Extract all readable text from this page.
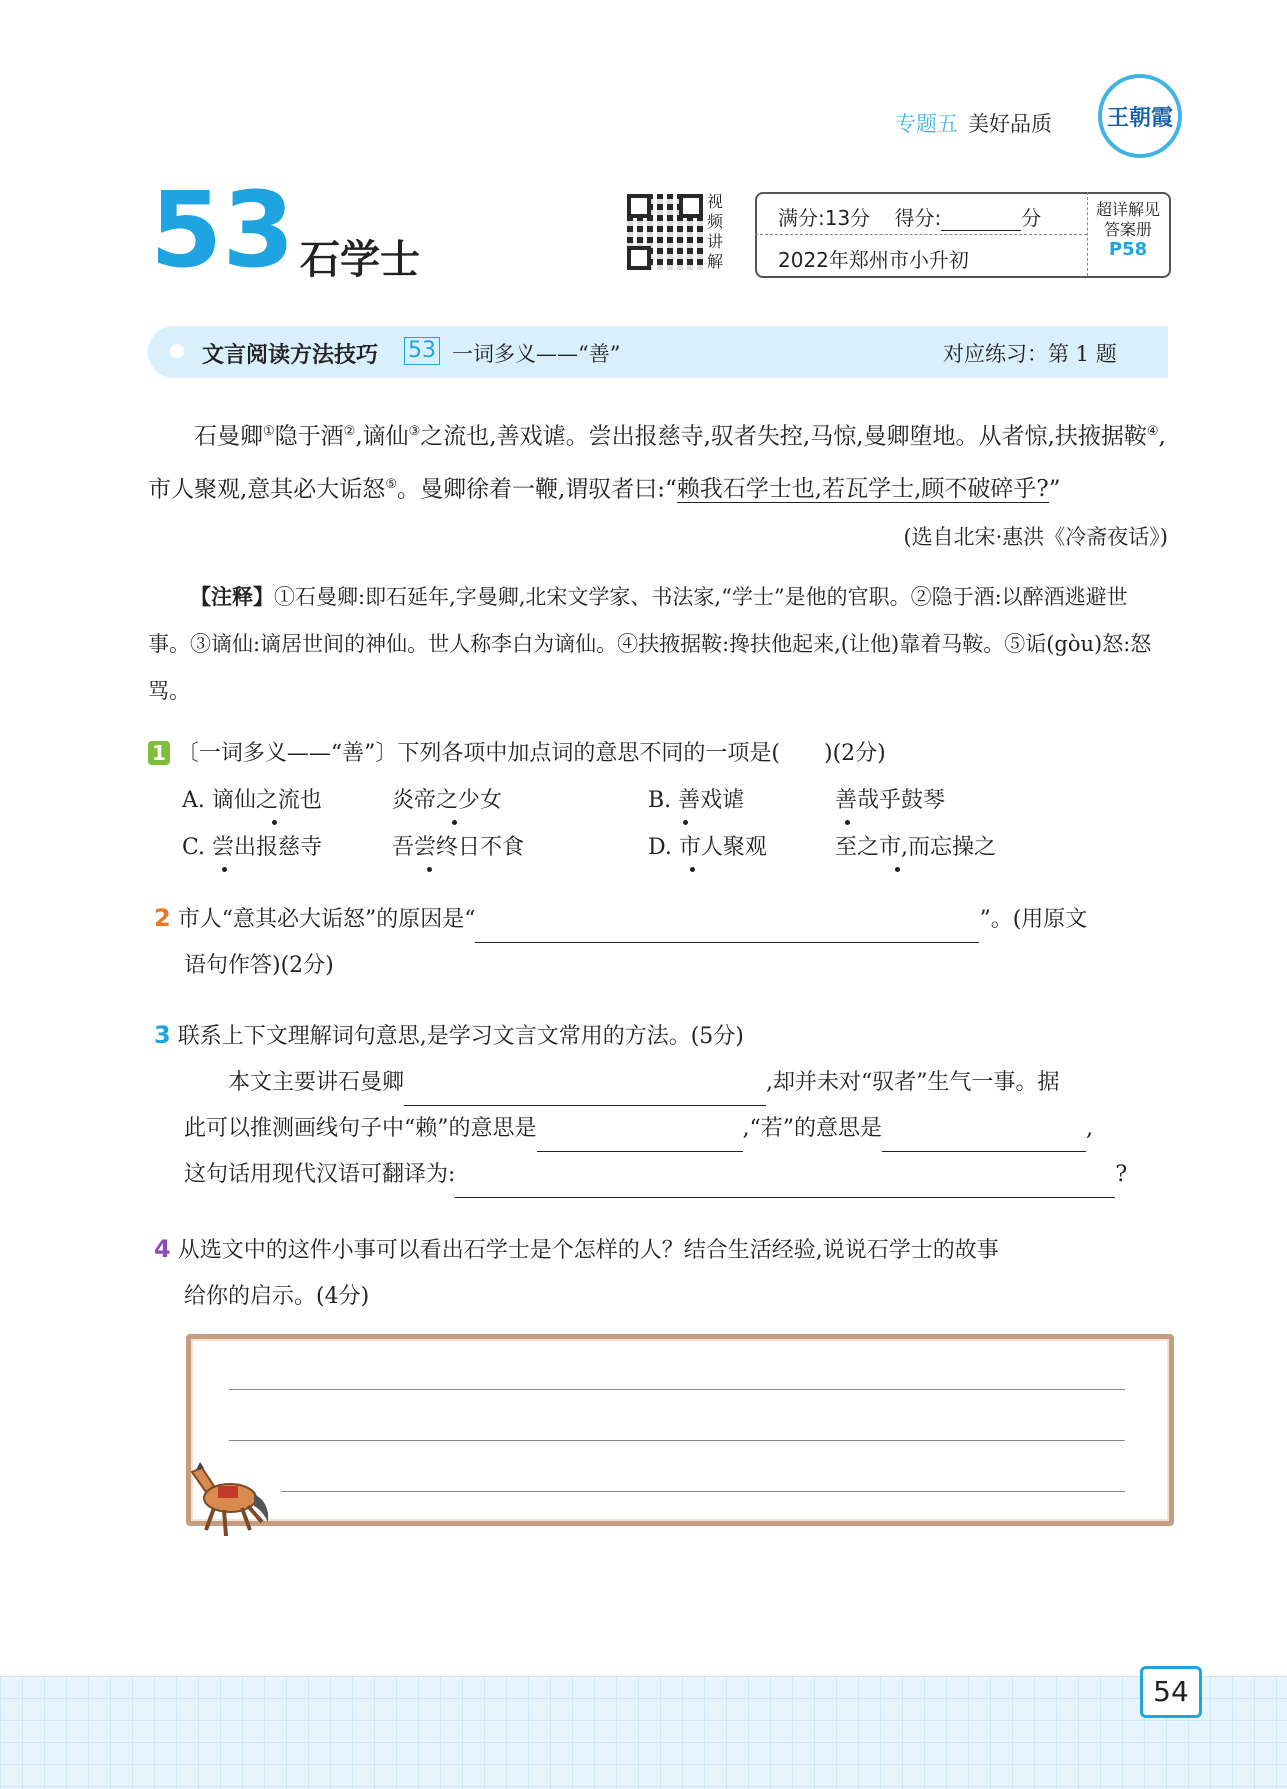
专题五 美好品质 王朝霞
53 石学士
视频讲解
满分:13分 得分:	分
2022年郑州市小升初
超详解见
答案册
P58
文言阅读方法技巧 53 一词多义——“善”	对应练习：第 1 题

石曼卿①隐于酒②,谪仙③之流也,善戏谑。尝出报慈寺,驭者失控,马惊,曼卿堕地。从者惊,扶掖据鞍④,市人聚观,意其必大诟怒⑤。曼卿徐着一鞭,谓驭者曰:“赖我石学士也,若瓦学士,顾不破碎乎?”
(选自北宋·惠洪《冷斋夜话》)

【注释】①石曼卿:即石延年,字曼卿,北宋文学家、书法家,“学士”是他的官职。②隐于酒:以醉酒逃避世事。③谪仙:谪居世间的神仙。世人称李白为谪仙。④扶掖据鞍:搀扶他起来,(让他)靠着马鞍。⑤诟(gòu)怒:怒骂。
1 〔一词多义——“善”〕下列各项中加点词的意思不同的一项是(　　)(2分)
A. 谪仙之流也	炎帝之少女	B. 善戏谑	善哉乎鼓琴
C. 尝出报慈寺	吾尝终日不食	D. 市人聚观	至之市,而忘操之
2 市人“意其必大诟怒”的原因是“	”。(用原文
语句作答)(2分)
3 联系上下文理解词句意思,是学习文言文常用的方法。(5分)
本文主要讲石曼卿	,却并未对“驭者”生气一事。据
此可以推测画线句子中“赖”的意思是	,“若”的意思是	,
这句话用现代汉语可翻译为:	?
4 从选文中的这件小事可以看出石学士是个怎样的人？结合生活经验,说说石学士的故事
给你的启示。(4分)
54
